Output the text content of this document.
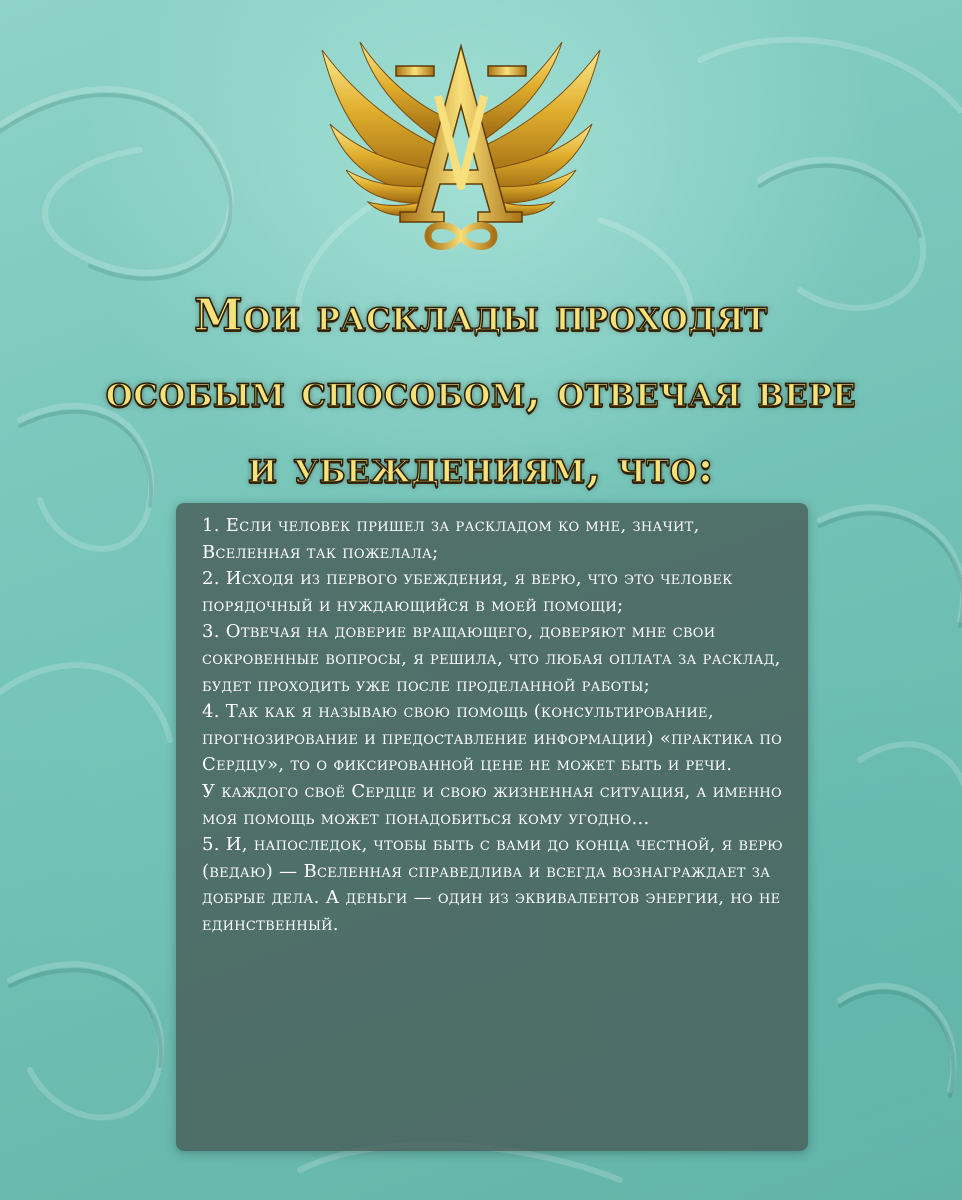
Мои расклады проходят
особым способом, отвечая вере
и убеждениям, что:

1. Если человек пришел за раскладом ко мне, значит, Вселенная так пожелала;

2. Исходя из первого убеждения, я верю, что это человек порядочный и нуждающийся в моей помощи;

3. Отвечая на доверие вращающего, доверяют мне свои сокровенные вопросы, я решила, что любая оплата за расклад, будет проходить уже после проделанной работы;

4. Так как я называю свою помощь (консультирование, прогнозирование и предоставление информации) «практика по Сердцу», то о фиксированной цене не может быть и речи.

У каждого своё Сердце и свою жизненная ситуация, а именно моя помощь может понадобиться кому угодно...

5. И, напоследок, чтобы быть с вами до конца честной, я верю (ведаю) — Вселенная справедлива и всегда вознаграждает за добрые дела. А деньги — один из эквивалентов энергии, но не единственный.
